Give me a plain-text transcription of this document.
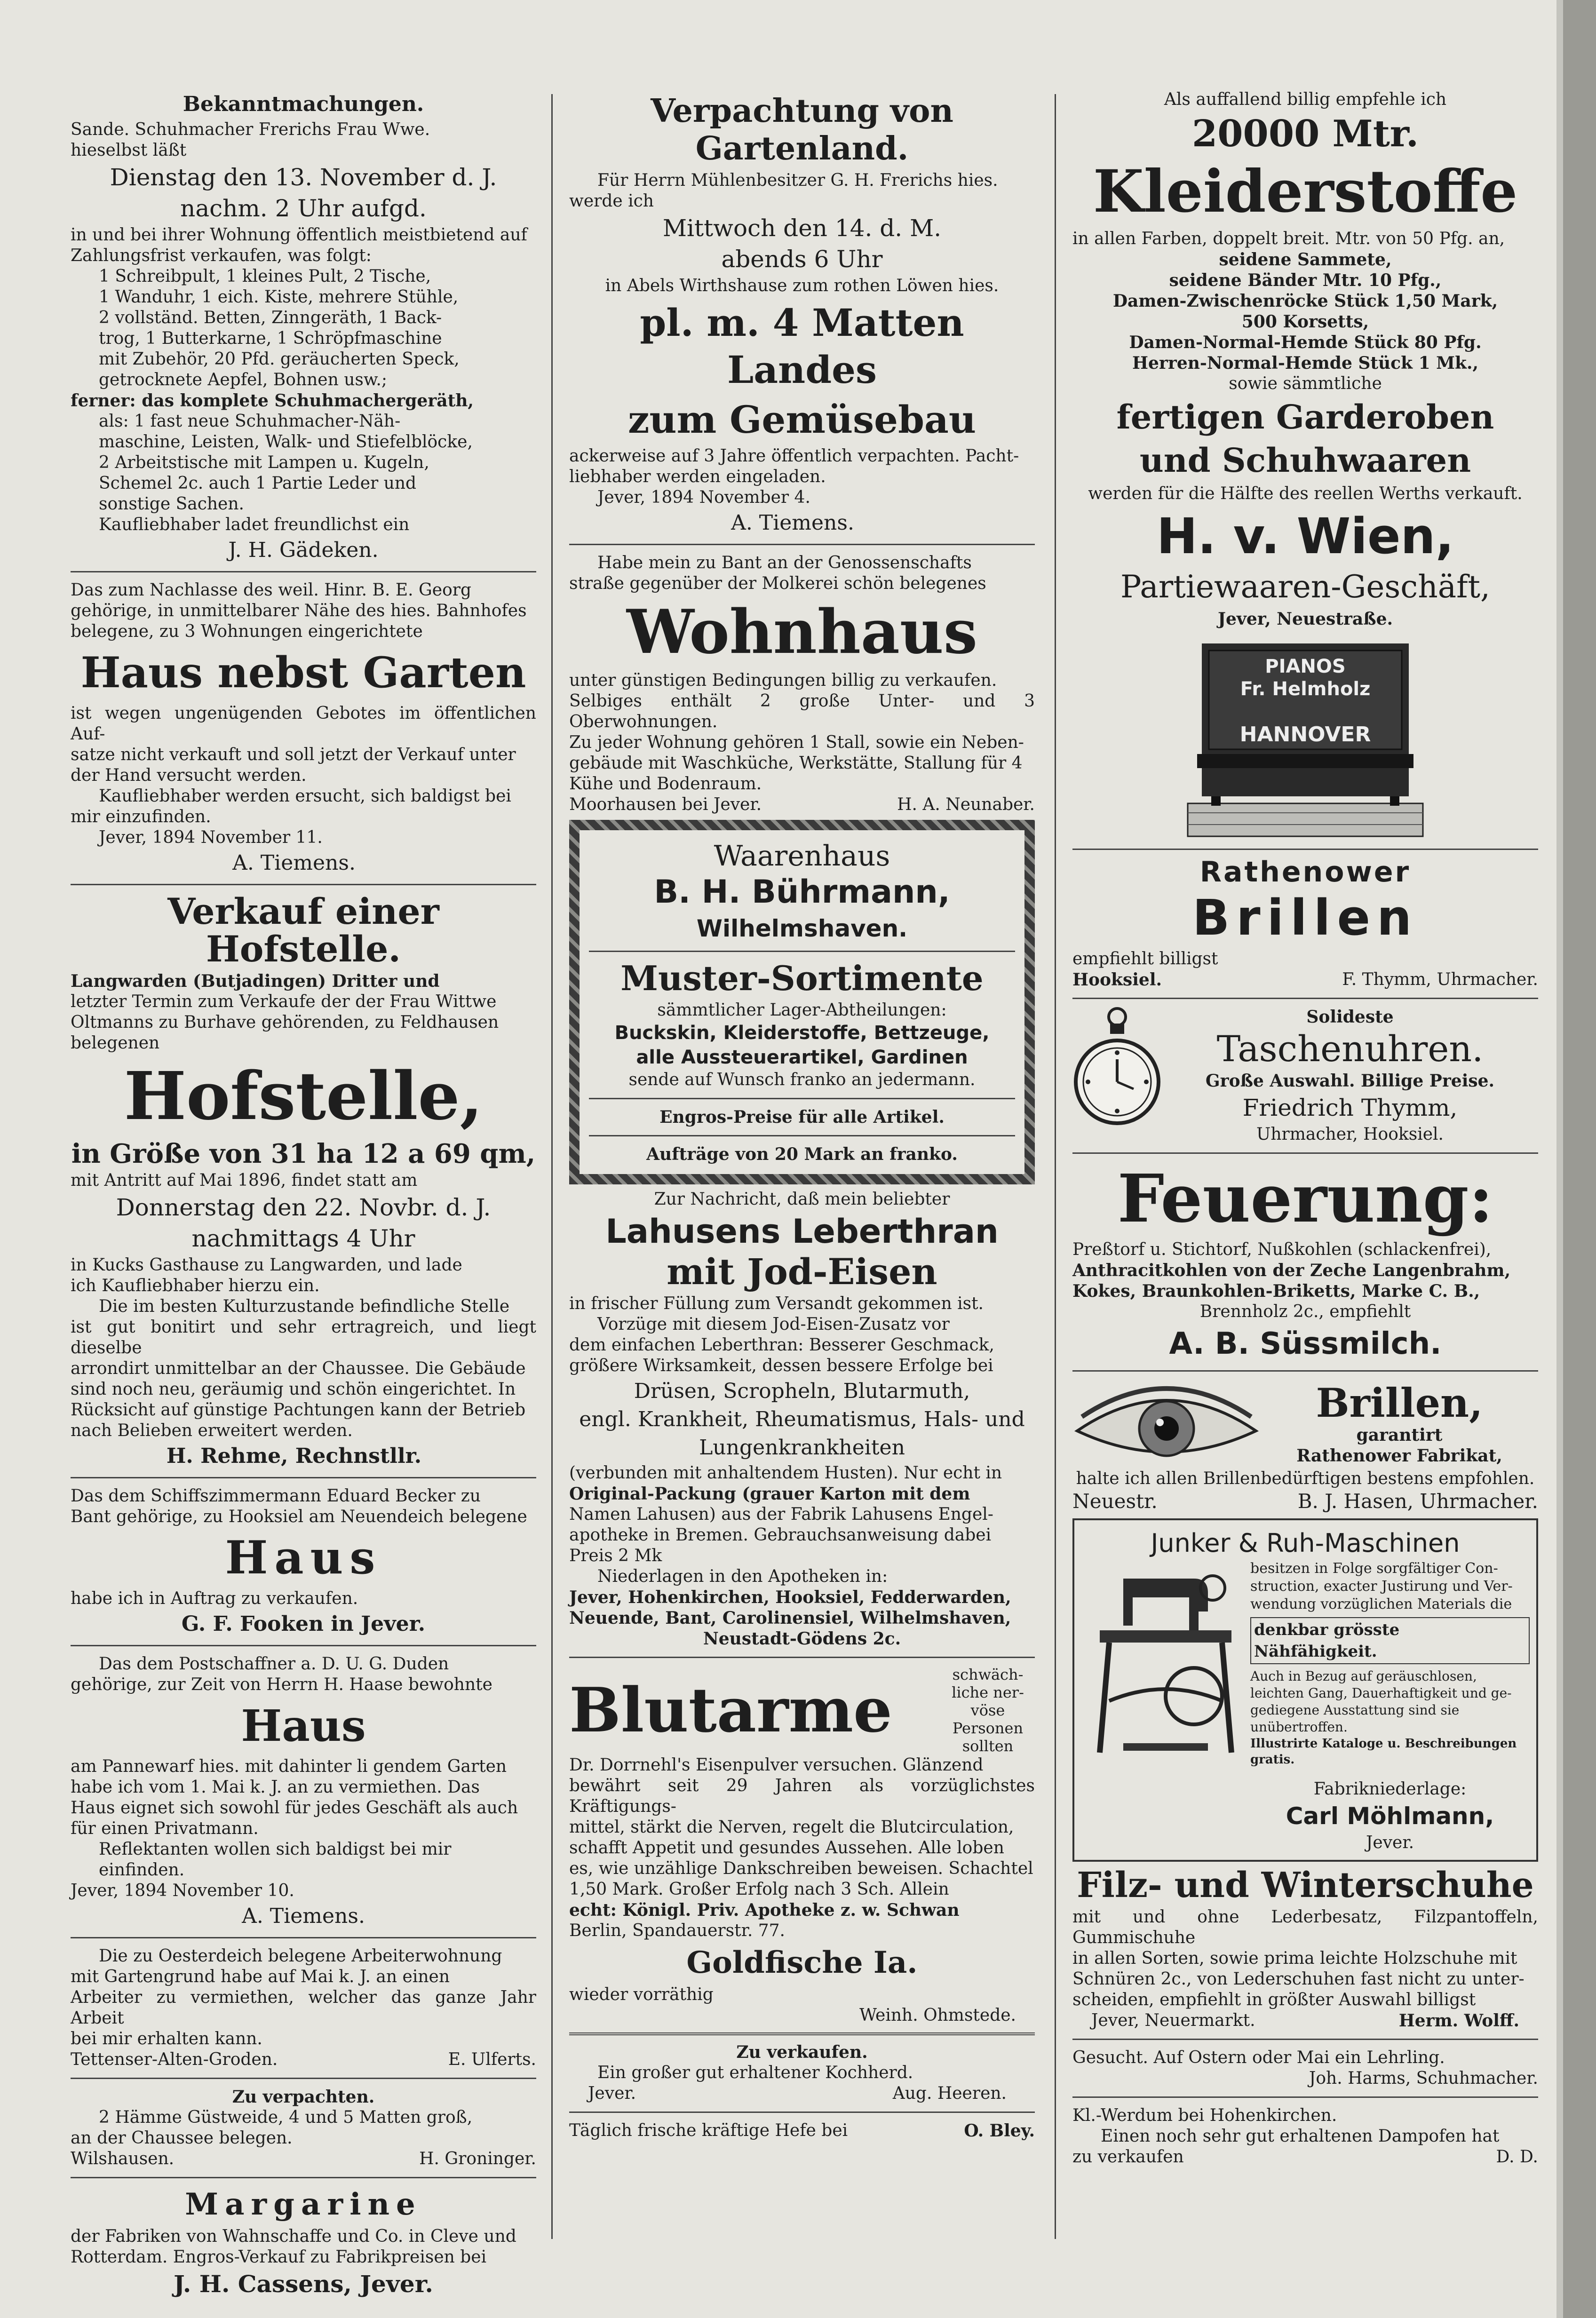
Bekanntmachungen.

Sande. Schuhmacher Frerichs Frau Wwe.

hieselbst läßt

Dienstag den 13. November d. J.

nachm. 2 Uhr aufgd.

in und bei ihrer Wohnung öffentlich meistbietend auf

Zahlungsfrist verkaufen, was folgt:

1 Schreibpult, 1 kleines Pult, 2 Tische,

1 Wanduhr, 1 eich. Kiste, mehrere Stühle,

2 vollständ. Betten, Zinngeräth, 1 Back-

trog, 1 Butterkarne, 1 Schröpfmaschine

mit Zubehör, 20 Pfd. geräucherten Speck,

getrocknete Aepfel, Bohnen usw.;

ferner: das komplete Schuhmachergeräth,

als: 1 fast neue Schuhmacher-Näh-

maschine, Leisten, Walk- und Stiefelblöcke,

2 Arbeitstische mit Lampen u. Kugeln,

Schemel 2c. auch 1 Partie Leder und

sonstige Sachen.

Kaufliebhaber ladet freundlichst ein

J. H. Gädeken.

Das zum Nachlasse des weil. Hinr. B. E. Georg

gehörige, in unmittelbarer Nähe des hies. Bahnhofes

belegene, zu 3 Wohnungen eingerichtete

Haus nebst Garten

ist wegen ungenügenden Gebotes im öffentlichen Auf-

satze nicht verkauft und soll jetzt der Verkauf unter

der Hand versucht werden.

Kaufliebhaber werden ersucht, sich baldigst bei

mir einzufinden.

Jever, 1894 November 11.

A. Tiemens.

Verkauf einer Hofstelle.

Langwarden (Butjadingen) Dritter und

letzter Termin zum Verkaufe der der Frau Wittwe

Oltmanns zu Burhave gehörenden, zu Feldhausen

belegenen

Hofstelle,

in Größe von 31 ha 12 a 69 qm,

mit Antritt auf Mai 1896, findet statt am

Donnerstag den 22. Novbr. d. J.

nachmittags 4 Uhr

in Kucks Gasthause zu Langwarden, und lade

ich Kaufliebhaber hierzu ein.

Die im besten Kulturzustande befindliche Stelle

ist gut bonitirt und sehr ertragreich, und liegt dieselbe

arrondirt unmittelbar an der Chaussee. Die Gebäude

sind noch neu, geräumig und schön eingerichtet. In

Rücksicht auf günstige Pachtungen kann der Betrieb

nach Belieben erweitert werden.

H. Rehme, Rechnstllr.

Das dem Schiffszimmermann Eduard Becker zu

Bant gehörige, zu Hooksiel am Neuendeich belegene

Haus

habe ich in Auftrag zu verkaufen.

G. F. Fooken in Jever.

Das dem Postschaffner a. D. U. G. Duden

gehörige, zur Zeit von Herrn H. Haase bewohnte

Haus

am Pannewarf hies. mit dahinter li gendem Garten

habe ich vom 1. Mai k. J. an zu vermiethen. Das

Haus eignet sich sowohl für jedes Geschäft als auch

für einen Privatmann.

Reflektanten wollen sich baldigst bei mir einfinden.

Jever, 1894 November 10.

A. Tiemens.

Die zu Oesterdeich belegene Arbeiterwohnung

mit Gartengrund habe auf Mai k. J. an einen

Arbeiter zu vermiethen, welcher das ganze Jahr Arbeit

bei mir erhalten kann.

Tettenser-Alten-Groden.	E. Ulferts.

Zu verpachten.

2 Hämme Güstweide, 4 und 5 Matten groß,

an der Chaussee belegen.

Wilshausen.	H. Groninger.

Margarine

der Fabriken von Wahnschaffe und Co. in Cleve und

Rotterdam. Engros-Verkauf zu Fabrikpreisen bei

J. H. Cassens, Jever.

Verpachtung von Gartenland.

Für Herrn Mühlenbesitzer G. H. Frerichs hies.

werde ich

Mittwoch den 14. d. M.

abends 6 Uhr

in Abels Wirthshause zum rothen Löwen hies.

pl. m. 4 Matten Landes

zum Gemüsebau

ackerweise auf 3 Jahre öffentlich verpachten. Pacht-

liebhaber werden eingeladen.

Jever, 1894 November 4.

A. Tiemens.

Habe mein zu Bant an der Genossenschafts

straße gegenüber der Molkerei schön belegenes

Wohnhaus

unter günstigen Bedingungen billig zu verkaufen.

Selbiges enthält 2 große Unter- und 3 Oberwohnungen.

Zu jeder Wohnung gehören 1 Stall, sowie ein Neben-

gebäude mit Waschküche, Werkstätte, Stallung für 4

Kühe und Bodenraum.

Moorhausen bei Jever.	H. A. Neunaber.

Waarenhaus

B. H. Bührmann,

Wilhelmshaven.

Muster-Sortimente

sämmtlicher Lager-Abtheilungen:

Buckskin, Kleiderstoffe, Bettzeuge,

alle Aussteuerartikel, Gardinen

sende auf Wunsch franko an jedermann.

Engros-Preise für alle Artikel.

Aufträge von 20 Mark an franko.

Zur Nachricht, daß mein beliebter

Lahusens Leberthran

mit Jod-Eisen

in frischer Füllung zum Versandt gekommen ist.

Vorzüge mit diesem Jod-Eisen-Zusatz vor

dem einfachen Leberthran: Besserer Geschmack,

größere Wirksamkeit, dessen bessere Erfolge bei

Drüsen, Scropheln, Blutarmuth,

engl. Krankheit, Rheumatismus, Hals- und

Lungenkrankheiten

(verbunden mit anhaltendem Husten). Nur echt in

Original-Packung (grauer Karton mit dem

Namen Lahusen) aus der Fabrik Lahusens Engel-

apotheke in Bremen. Gebrauchsanweisung dabei

Preis 2 Mk

Niederlagen in den Apotheken in:

Jever, Hohenkirchen, Hooksiel, Fedderwarden,

Neuende, Bant, Carolinensiel, Wilhelmshaven,

Neustadt-Gödens 2c.

Blutarme	schwäch-

liche ner-

vöse Personen

sollten

Dr. Dorrnehl's Eisenpulver versuchen. Glänzend

bewährt seit 29 Jahren als vorzüglichstes Kräftigungs-

mittel, stärkt die Nerven, regelt die Blutcirculation,

schafft Appetit und gesundes Aussehen. Alle loben

es, wie unzählige Dankschreiben beweisen. Schachtel

1,50 Mark. Großer Erfolg nach 3 Sch. Allein

echt: Königl. Priv. Apotheke z. w. Schwan

Berlin, Spandauerstr. 77.

Goldfische Ia.

wieder vorräthig

Weinh. Ohmstede.

Zu verkaufen.

Ein großer gut erhaltener Kochherd.

Jever.	Aug. Heeren.
Täglich frische kräftige Hefe bei	O. Bley.

Als auffallend billig empfehle ich

20000 Mtr.

Kleiderstoffe

in allen Farben, doppelt breit. Mtr. von 50 Pfg. an,

seidene Sammete,

seidene Bänder Mtr. 10 Pfg.,

Damen-Zwischenröcke Stück 1,50 Mark,

500 Korsetts,

Damen-Normal-Hemde Stück 80 Pfg.

Herren-Normal-Hemde Stück 1 Mk.,

sowie sämmtliche

fertigen Garderoben

und Schuhwaaren

werden für die Hälfte des reellen Werths verkauft.

H. v. Wien,

Partiewaaren-Geschäft,

Jever, Neuestraße.

PIANOS
Fr. Helmholz
HANNOVER

Rathenower

Brillen

empfiehlt billigst

Hooksiel.	F. Thymm, Uhrmacher.

Solideste

Taschenuhren.

Große Auswahl. Billige Preise.

Friedrich Thymm,

Uhrmacher, Hooksiel.

Feuerung:

Preßtorf u. Stichtorf, Nußkohlen (schlackenfrei),

Anthracitkohlen von der Zeche Langenbrahm,

Kokes, Braunkohlen-Briketts, Marke C. B.,

Brennholz 2c., empfiehlt

A. B. Süssmilch.

Brillen,

garantirt

Rathenower Fabrikat,

halte ich allen Brillenbedürftigen bestens empfohlen.

Neuestr.	B. J. Hasen, Uhrmacher.

Junker & Ruh-Maschinen

besitzen in Folge sorgfältiger Con-

struction, exacter Justirung und Ver-

wendung vorzüglichen Materials die

denkbar grösste Nähfähigkeit.

Auch in Bezug auf geräuschlosen,

leichten Gang, Dauerhaftigkeit und ge-

gediegene Ausstattung sind sie unübertroffen.

Illustrirte Kataloge u. Beschreibungen gratis.

Fabrikniederlage:

Carl Möhlmann,

Jever.

Filz- und Winterschuhe

mit und ohne Lederbesatz, Filzpantoffeln, Gummischuhe

in allen Sorten, sowie prima leichte Holzschuhe mit

Schnüren 2c., von Lederschuhen fast nicht zu unter-

scheiden, empfiehlt in größter Auswahl billigst

Jever, Neuermarkt.	Herm. Wolff.

Gesucht. Auf Ostern oder Mai ein Lehrling.

Joh. Harms, Schuhmacher.

Kl.-Werdum bei Hohenkirchen.

Einen noch sehr gut erhaltenen Dampofen hat

zu verkaufen	D. D.
